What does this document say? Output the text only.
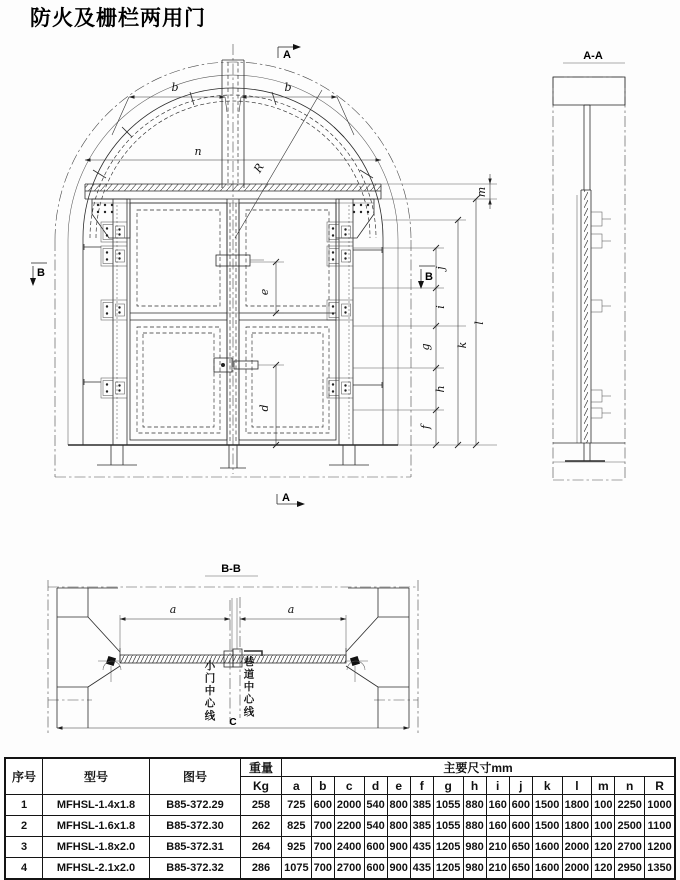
防火及栅栏两用门
b	b
n
R
e
d
j
i
g
h
f
k
l
m
A
A
B	B
A-A
B-B
a	a
C
小门中心线	巷道中心线
序号	型号	图号	重量	主要尺寸mm														
			Kg	a	b	c	d	e	f	g	h	i	j	k	l	m	n	R
1	MFHSL-1.4x1.8	B85-372.29	258	725	600	2000	540	800	385	1055	880	160	600	1500	1800	100	2250	1000
2	MFHSL-1.6x1.8	B85-372.30	262	825	700	2200	540	800	385	1055	880	160	600	1500	1800	100	2500	1100
3	MFHSL-1.8x2.0	B85-372.31	264	925	700	2400	600	900	435	1205	980	210	650	1600	2000	120	2700	1200
4	MFHSL-2.1x2.0	B85-372.32	286	1075	700	2700	600	900	435	1205	980	210	650	1600	2000	120	2950	1350
